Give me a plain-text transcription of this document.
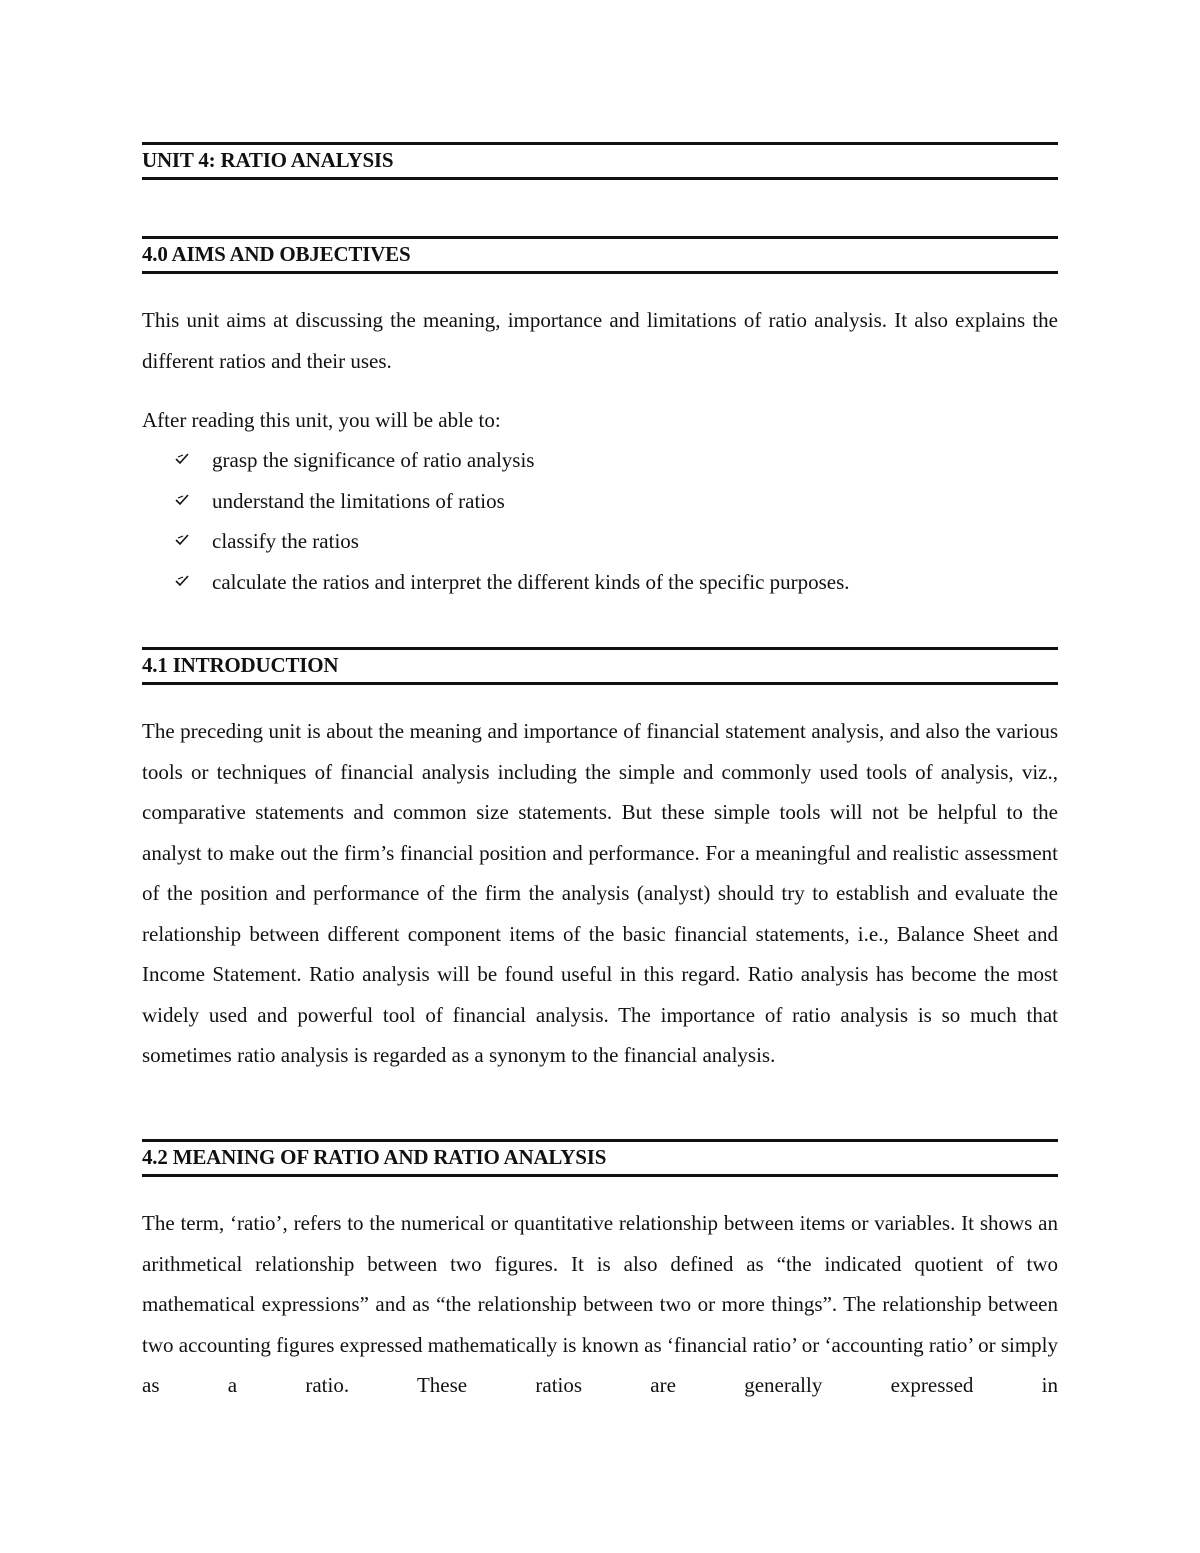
UNIT 4: RATIO ANALYSIS
4.0 AIMS AND OBJECTIVES

This unit aims at discussing the meaning, importance and limitations of ratio analysis. It also explains the different ratios and their uses.

After reading this unit, you will be able to:

grasp the significance of ratio analysis
understand the limitations of ratios
classify the ratios
calculate the ratios and interpret the different kinds of the specific purposes.
4.1 INTRODUCTION

The preceding unit is about the meaning and importance of financial statement analysis, and also the various tools or techniques of financial analysis including the simple and commonly used tools of analysis, viz., comparative statements and common size statements. But these simple tools will not be helpful to the analyst to make out the firm’s financial position and performance. For a meaningful and realistic assessment of the position and performance of the firm the analysis (analyst) should try to establish and evaluate the relationship between different component items of the basic financial statements, i.e., Balance Sheet and Income Statement. Ratio analysis will be found useful in this regard. Ratio analysis has become the most widely used and powerful tool of financial analysis. The importance of ratio analysis is so much that sometimes ratio analysis is regarded as a synonym to the financial analysis.

4.2 MEANING OF RATIO AND RATIO ANALYSIS

The term, ‘ratio’, refers to the numerical or quantitative relationship between items or variables. It shows an arithmetical relationship between two figures. It is also defined as “the indicated quotient of two mathematical expressions” and as “the relationship between two or more things”. The relationship between two accounting figures expressed mathematically is known as ‘financial ratio’ or ‘accounting ratio’ or simply as a ratio. These ratios are generally expressed in
